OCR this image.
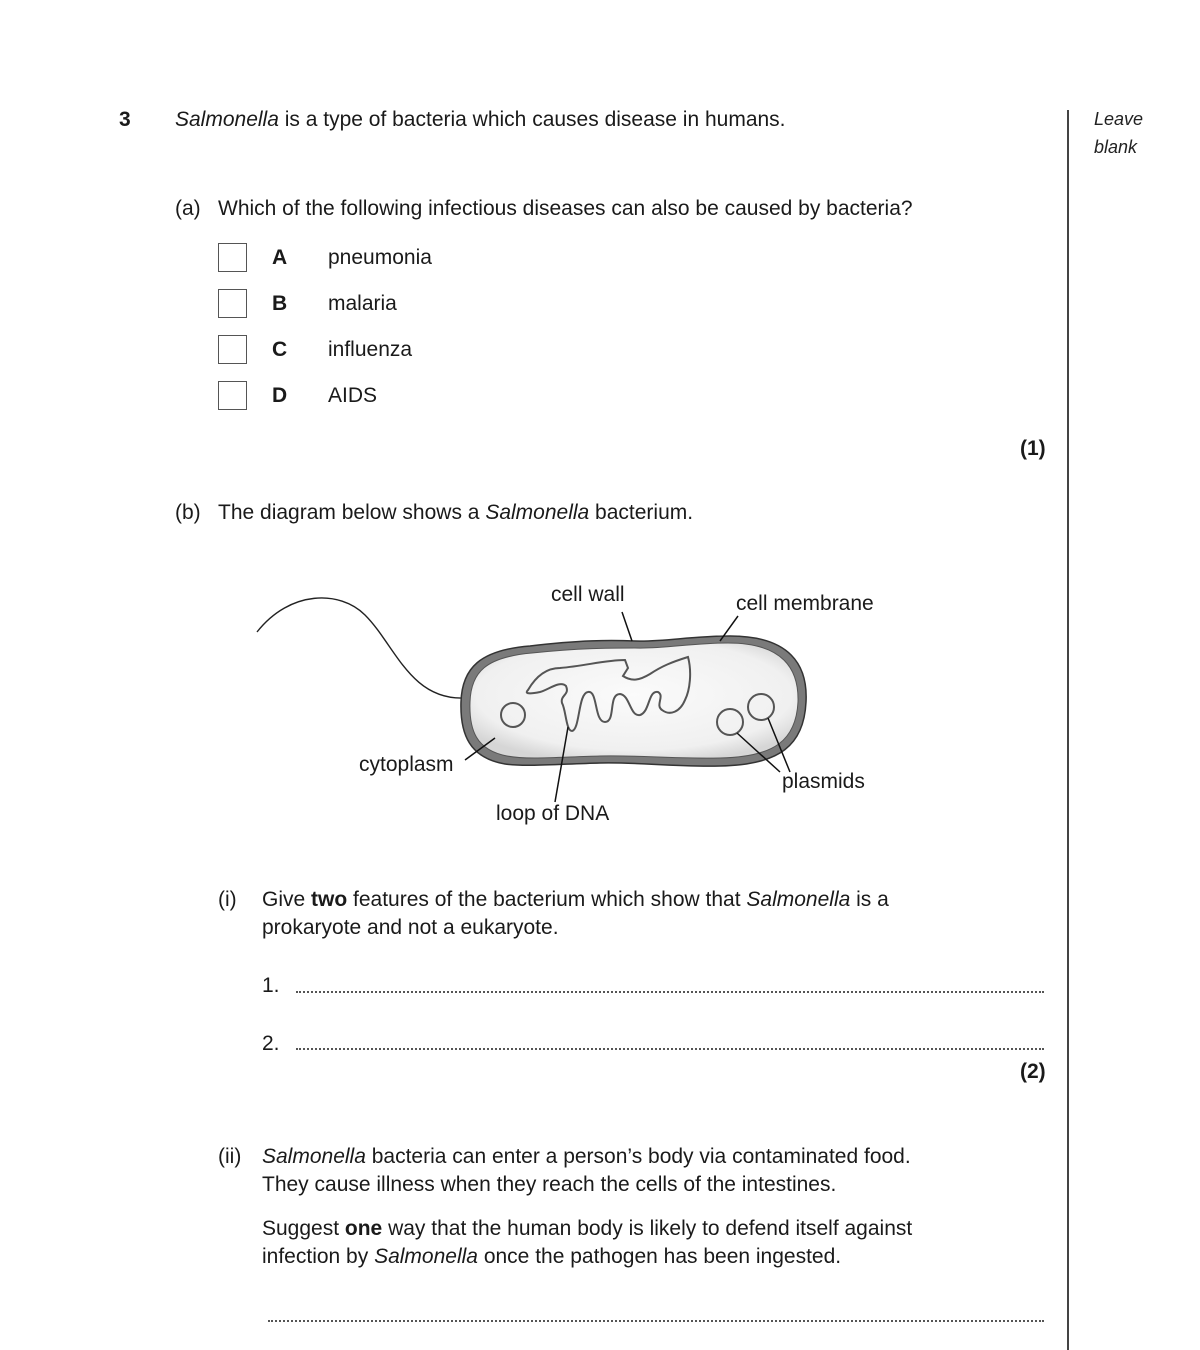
Leave
blank
3 Salmonella is a type of bacteria which causes disease in humans.
(a) Which of the following infectious diseases can also be caused by bacteria?
A pneumonia
B malaria
C influenza
D AIDS
(1)
(b) The diagram below shows a Salmonella bacterium.
cell wall	cell membrane
cytoplasm
loop of DNA
plasmids
(i) Give two features of the bacterium which show that Salmonella is a
prokaryote and not a eukaryote.
1.
2.
(2)
(ii) Salmonella bacteria can enter a person’s body via contaminated food.
They cause illness when they reach the cells of the intestines.
Suggest one way that the human body is likely to defend itself against
infection by Salmonella once the pathogen has been ingested.
